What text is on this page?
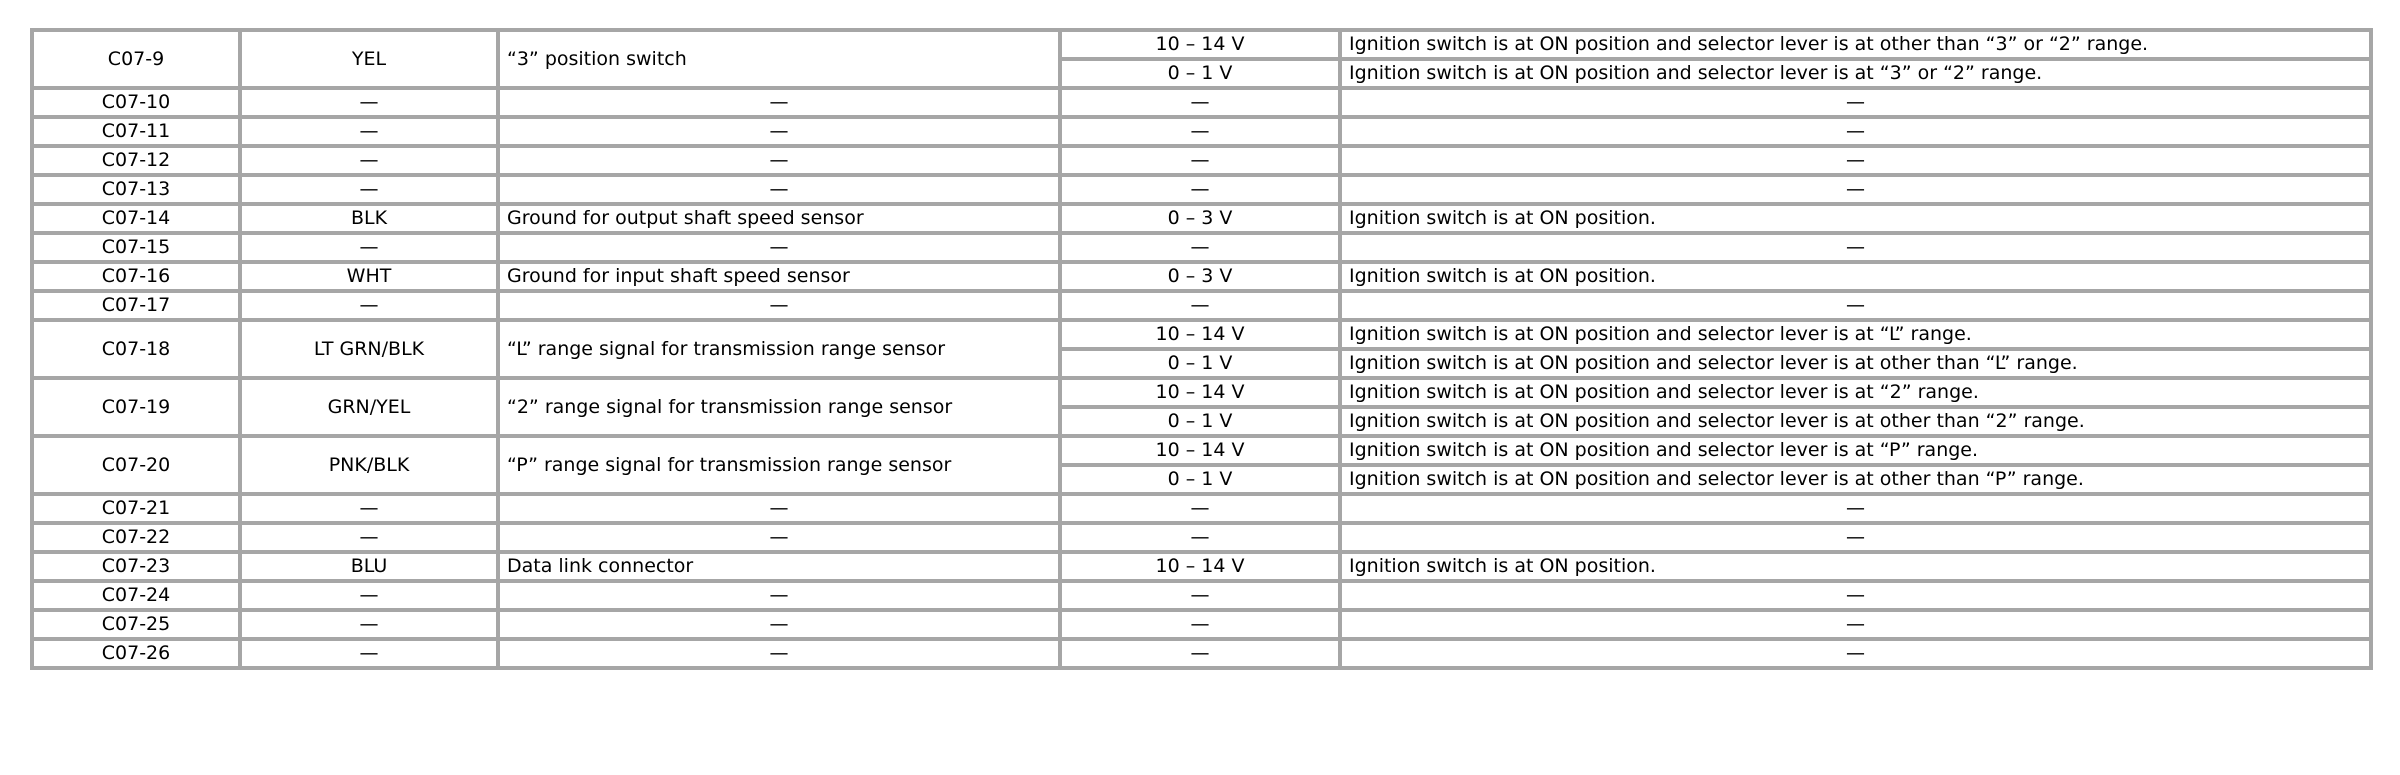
C07-9	YEL	“3” position switch	10 – 14 V	Ignition switch is at ON position and selector lever is at other than “3” or “2” range.
			0 – 1 V	Ignition switch is at ON position and selector lever is at “3” or “2” range.
C07-10	—	—	—	—
C07-11	—	—	—	—
C07-12	—	—	—	—
C07-13	—	—	—	—
C07-14	BLK	Ground for output shaft speed sensor	0 – 3 V	Ignition switch is at ON position.
C07-15	—	—	—	—
C07-16	WHT	Ground for input shaft speed sensor	0 – 3 V	Ignition switch is at ON position.
C07-17	—	—	—	—
C07-18	LT GRN/BLK	“L” range signal for transmission range sensor	10 – 14 V	Ignition switch is at ON position and selector lever is at “L” range.
			0 – 1 V	Ignition switch is at ON position and selector lever is at other than “L” range.
C07-19	GRN/YEL	“2” range signal for transmission range sensor	10 – 14 V	Ignition switch is at ON position and selector lever is at “2” range.
			0 – 1 V	Ignition switch is at ON position and selector lever is at other than “2” range.
C07-20	PNK/BLK	“P” range signal for transmission range sensor	10 – 14 V	Ignition switch is at ON position and selector lever is at “P” range.
			0 – 1 V	Ignition switch is at ON position and selector lever is at other than “P” range.
C07-21	—	—	—	—
C07-22	—	—	—	—
C07-23	BLU	Data link connector	10 – 14 V	Ignition switch is at ON position.
C07-24	—	—	—	—
C07-25	—	—	—	—
C07-26	—	—	—	—
